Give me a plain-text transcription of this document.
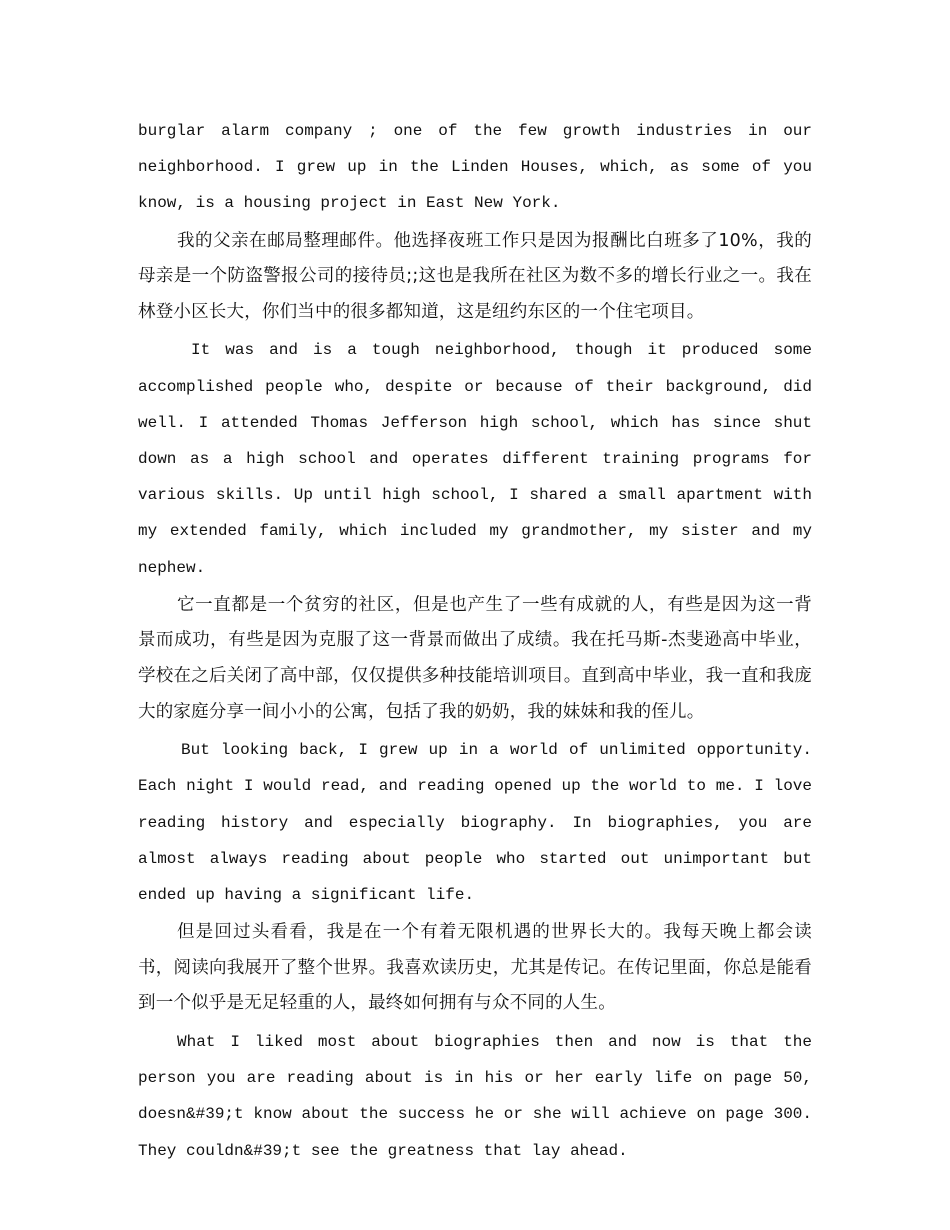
burglar alarm company ; one of the few growth industries in our neighborhood. I grew up in the Linden Houses, which, as some of you know, is a housing project in East New York.

我的父亲在邮局整理邮件。他选择夜班工作只是因为报酬比白班多了10%，我的母亲是一个防盗警报公司的接待员;;这也是我所在社区为数不多的增长行业之一。我在林登小区长大，你们当中的很多都知道，这是纽约东区的一个住宅项目。

It was and is a tough neighborhood, though it produced some accomplished people who, despite or because of their background, did well. I attended Thomas Jefferson high school, which has since shut down as a high school and operates different training programs for various skills. Up until high school, I shared a small apartment with my extended family, which included my grandmother, my sister and my nephew.

它一直都是一个贫穷的社区，但是也产生了一些有成就的人，有些是因为这一背景而成功，有些是因为克服了这一背景而做出了成绩。我在托马斯-杰斐逊高中毕业，学校在之后关闭了高中部，仅仅提供多种技能培训项目。直到高中毕业，我一直和我庞大的家庭分享一间小小的公寓，包括了我的奶奶，我的妹妹和我的侄儿。

But looking back, I grew up in a world of unlimited opportunity. Each night I would read, and reading opened up the world to me. I love reading history and especially biography. In biographies, you are almost always reading about people who started out unimportant but ended up having a significant life.

但是回过头看看，我是在一个有着无限机遇的世界长大的。我每天晚上都会读书，阅读向我展开了整个世界。我喜欢读历史，尤其是传记。在传记里面，你总是能看到一个似乎是无足轻重的人，最终如何拥有与众不同的人生。

What I liked most about biographies then and now is that the person you are reading about is in his or her early life on page 50, doesn&#39;t know about the success he or she will achieve on page 300. They couldn&#39;t see the greatness that lay ahead.
